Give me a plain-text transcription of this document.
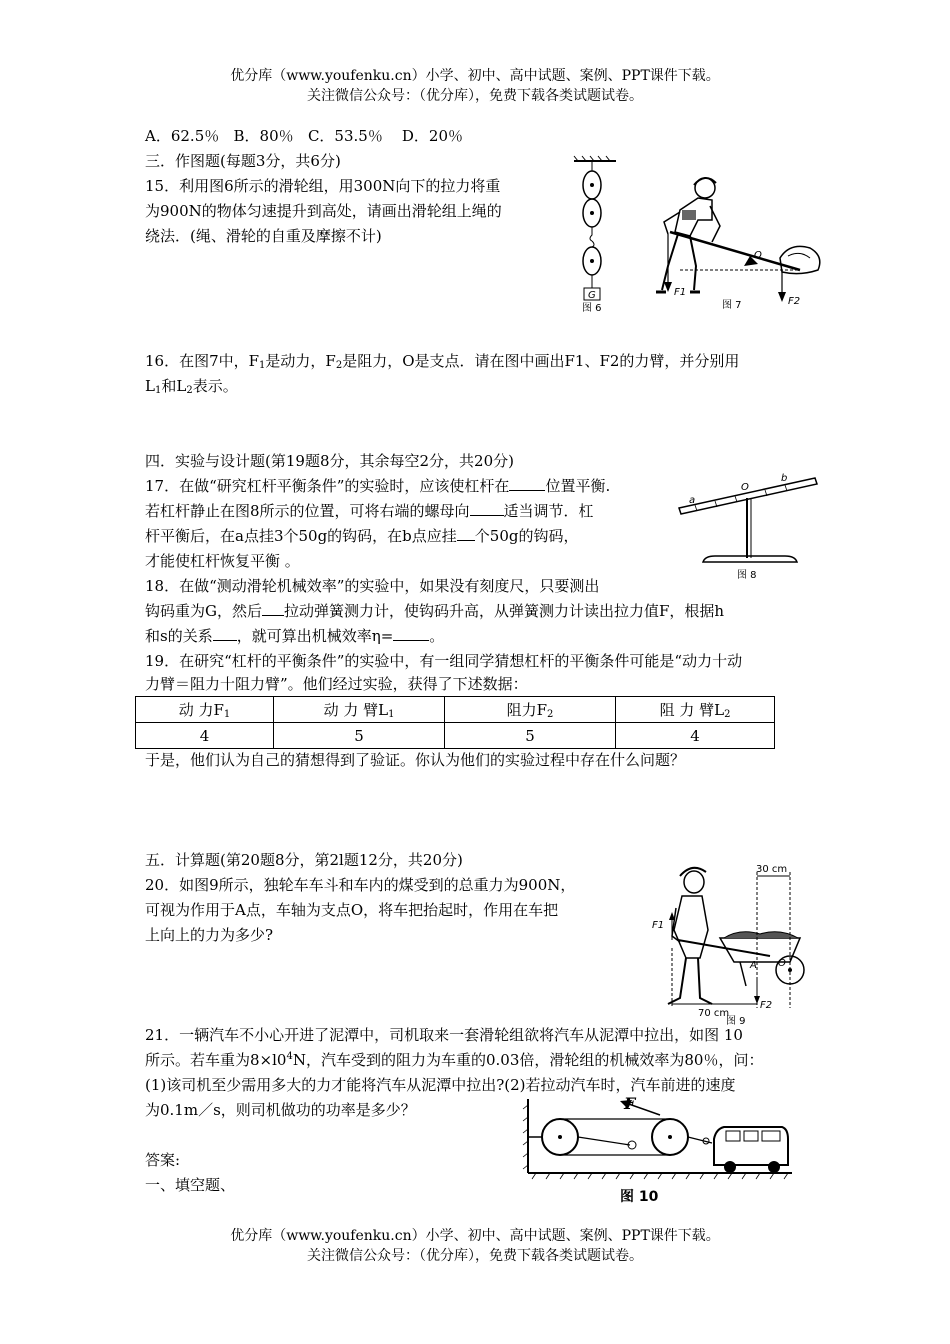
优分库（www.youfenku.cn）小学、初中、高中试题、案例、PPT课件下载。
关注微信公众号：（优分库），免费下载各类试题试卷。
A．62.5％   B．80％   C．53.5％    D．20％
三．作图题(每题3分，共6分)
15．利用图6所示的滑轮组，用300N向下的拉力将重
为900N的物体匀速提升到高处，请画出滑轮组上绳的
绕法．(绳、滑轮的自重及摩擦不计)
G
图 6
O
F1
F2
图 7
16．在图7中，$F_1$是动力，$F_2$是阻力，O是支点．请在图中画出F1、F2的力臂，并分别用
$L_1$和$L_2$表示。
四．实验与设计题(第19题8分，其余每空2分，共20分)
17．在做“研究杠杆平衡条件”的实验时，应该使杠杆在 位置平衡.
若杠杆静止在图8所示的位置，可将右端的螺母向 适当调节．杠
杆平衡后，在a点挂3个50g的钩码，在b点应挂 个50g的钩码，
才能使杠杆恢复平衡 。
a
b
O
图 8
18．在做“测动滑轮机械效率”的实验中，如果没有刻度尺，只要测出
钩码重为G，然后 拉动弹簧测力计，使钩码升高，从弹簧测力计读出拉力值F，根据h
和s的关系 ，就可算出机械效率η= 。
19．在研究“杠杆的平衡条件”的实验中，有一组同学猜想杠杆的平衡条件可能是“动力十动
力臂＝阻力十阻力臂”。他们经过实验，获得了下述数据：
动 力$F_1$	动 力 臂$L_1$	阻力$F_2$	阻 力 臂$L_2$
4	5	5	4
于是，他们认为自己的猜想得到了验证。你认为他们的实验过程中存在什么问题？
五．计算题(第20题8分，第2l题12分，共20分)
20．如图9所示，独轮车车斗和车内的煤受到的总重力为900N，
可视为作用于A点，车轴为支点O，将车把抬起时，作用在车把
上向上的力为多少?
A O
F1
30 cm
70 cm
F2
图 9
21．一辆汽车不小心开进了泥潭中，司机取来一套滑轮组欲将汽车从泥潭中拉出，如图 10
所示。若车重为$8\times l0^4N$，汽车受到的阻力为车重的0.03倍，滑轮组的机械效率为80％，问：
(1)该司机至少需用多大的力才能将汽车从泥潭中拉出?(2)若拉动汽车时，汽车前进的速度
为0.1m／s，则司机做功的功率是多少？	F
图 10
答案:
一、填空题、
优分库（www.youfenku.cn）小学、初中、高中试题、案例、PPT课件下载。
关注微信公众号：（优分库），免费下载各类试题试卷。
